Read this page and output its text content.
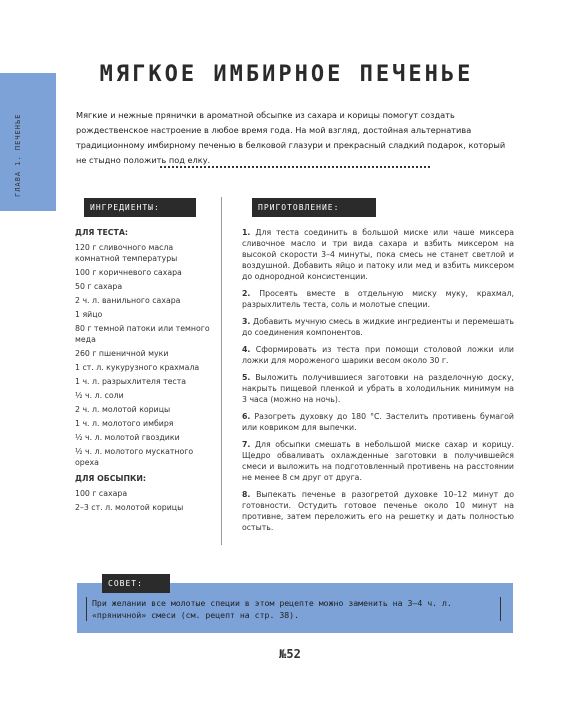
ГЛАВА 1. ПЕЧЕНЬЕ
МЯГКОЕ ИМБИРНОЕ ПЕЧЕНЬЕ
Мягкие и нежные прянички в ароматной обсыпке из сахара и корицы помогут создать рождественское настроение в любое время года. На мой взгляд, достойная альтернатива традиционному имбирному печенью в белковой глазури и прекрасный сладкий подарок, который не стыдно положить под елку.
ИНГРЕДИЕНТЫ:	ПРИГОТОВЛЕНИЕ:
ДЛЯ ТЕСТА:
120 г сливочного масла комнатной температуры
100 г коричневого сахара
50 г сахара
2 ч. л. ванильного сахара
1 яйцо
80 г темной патоки или темного меда
260 г пшеничной муки
1 ст. л. кукурузного крахмала
1 ч. л. разрыхлителя теста
½ ч. л. соли
2 ч. л. молотой корицы
1 ч. л. молотого имбиря
½ ч. л. молотой гвоздики
½ ч. л. молотого мускатного ореха
ДЛЯ ОБСЫПКИ:
100 г сахара
2–3 ст. л. молотой корицы
1. Для теста соединить в большой миске или чаше миксера сливочное масло и три вида сахара и взбить миксером на высокой скорости 3–4 минуты, пока смесь не станет светлой и воздушной. Добавить яйцо и патоку или мед и взбить миксером до однородной консистенции.
2. Просеять вместе в отдельную миску муку, крахмал, разрыхлитель теста, соль и молотые специи.
3. Добавить мучную смесь в жидкие ингредиенты и перемешать до соединения компонентов.
4. Сформировать из теста при помощи столовой ложки или ложки для мороженого шарики весом около 30 г.
5. Выложить получившиеся заготовки на разделочную доску, накрыть пищевой пленкой и убрать в холодильник минимум на 3 часа (можно на ночь).
6. Разогреть духовку до 180 °С. Застелить противень бумагой или ковриком для выпечки.
7. Для обсыпки смешать в небольшой миске сахар и корицу. Щедро обваливать охлажденные заготовки в получившейся смеси и выложить на подготовленный противень на расстоянии не менее 8 см друг от друга.
8. Выпекать печенье в разогретой духовке 10–12 минут до готовности. Остудить готовое печенье около 10 минут на противне, затем переложить его на решетку и дать полностью остыть.
СОВЕТ:
При желании все молотые специи в этом рецепте можно заменить на 3–4 ч. л. «пряничной» смеси (см. рецепт на стр. 38).
№52
